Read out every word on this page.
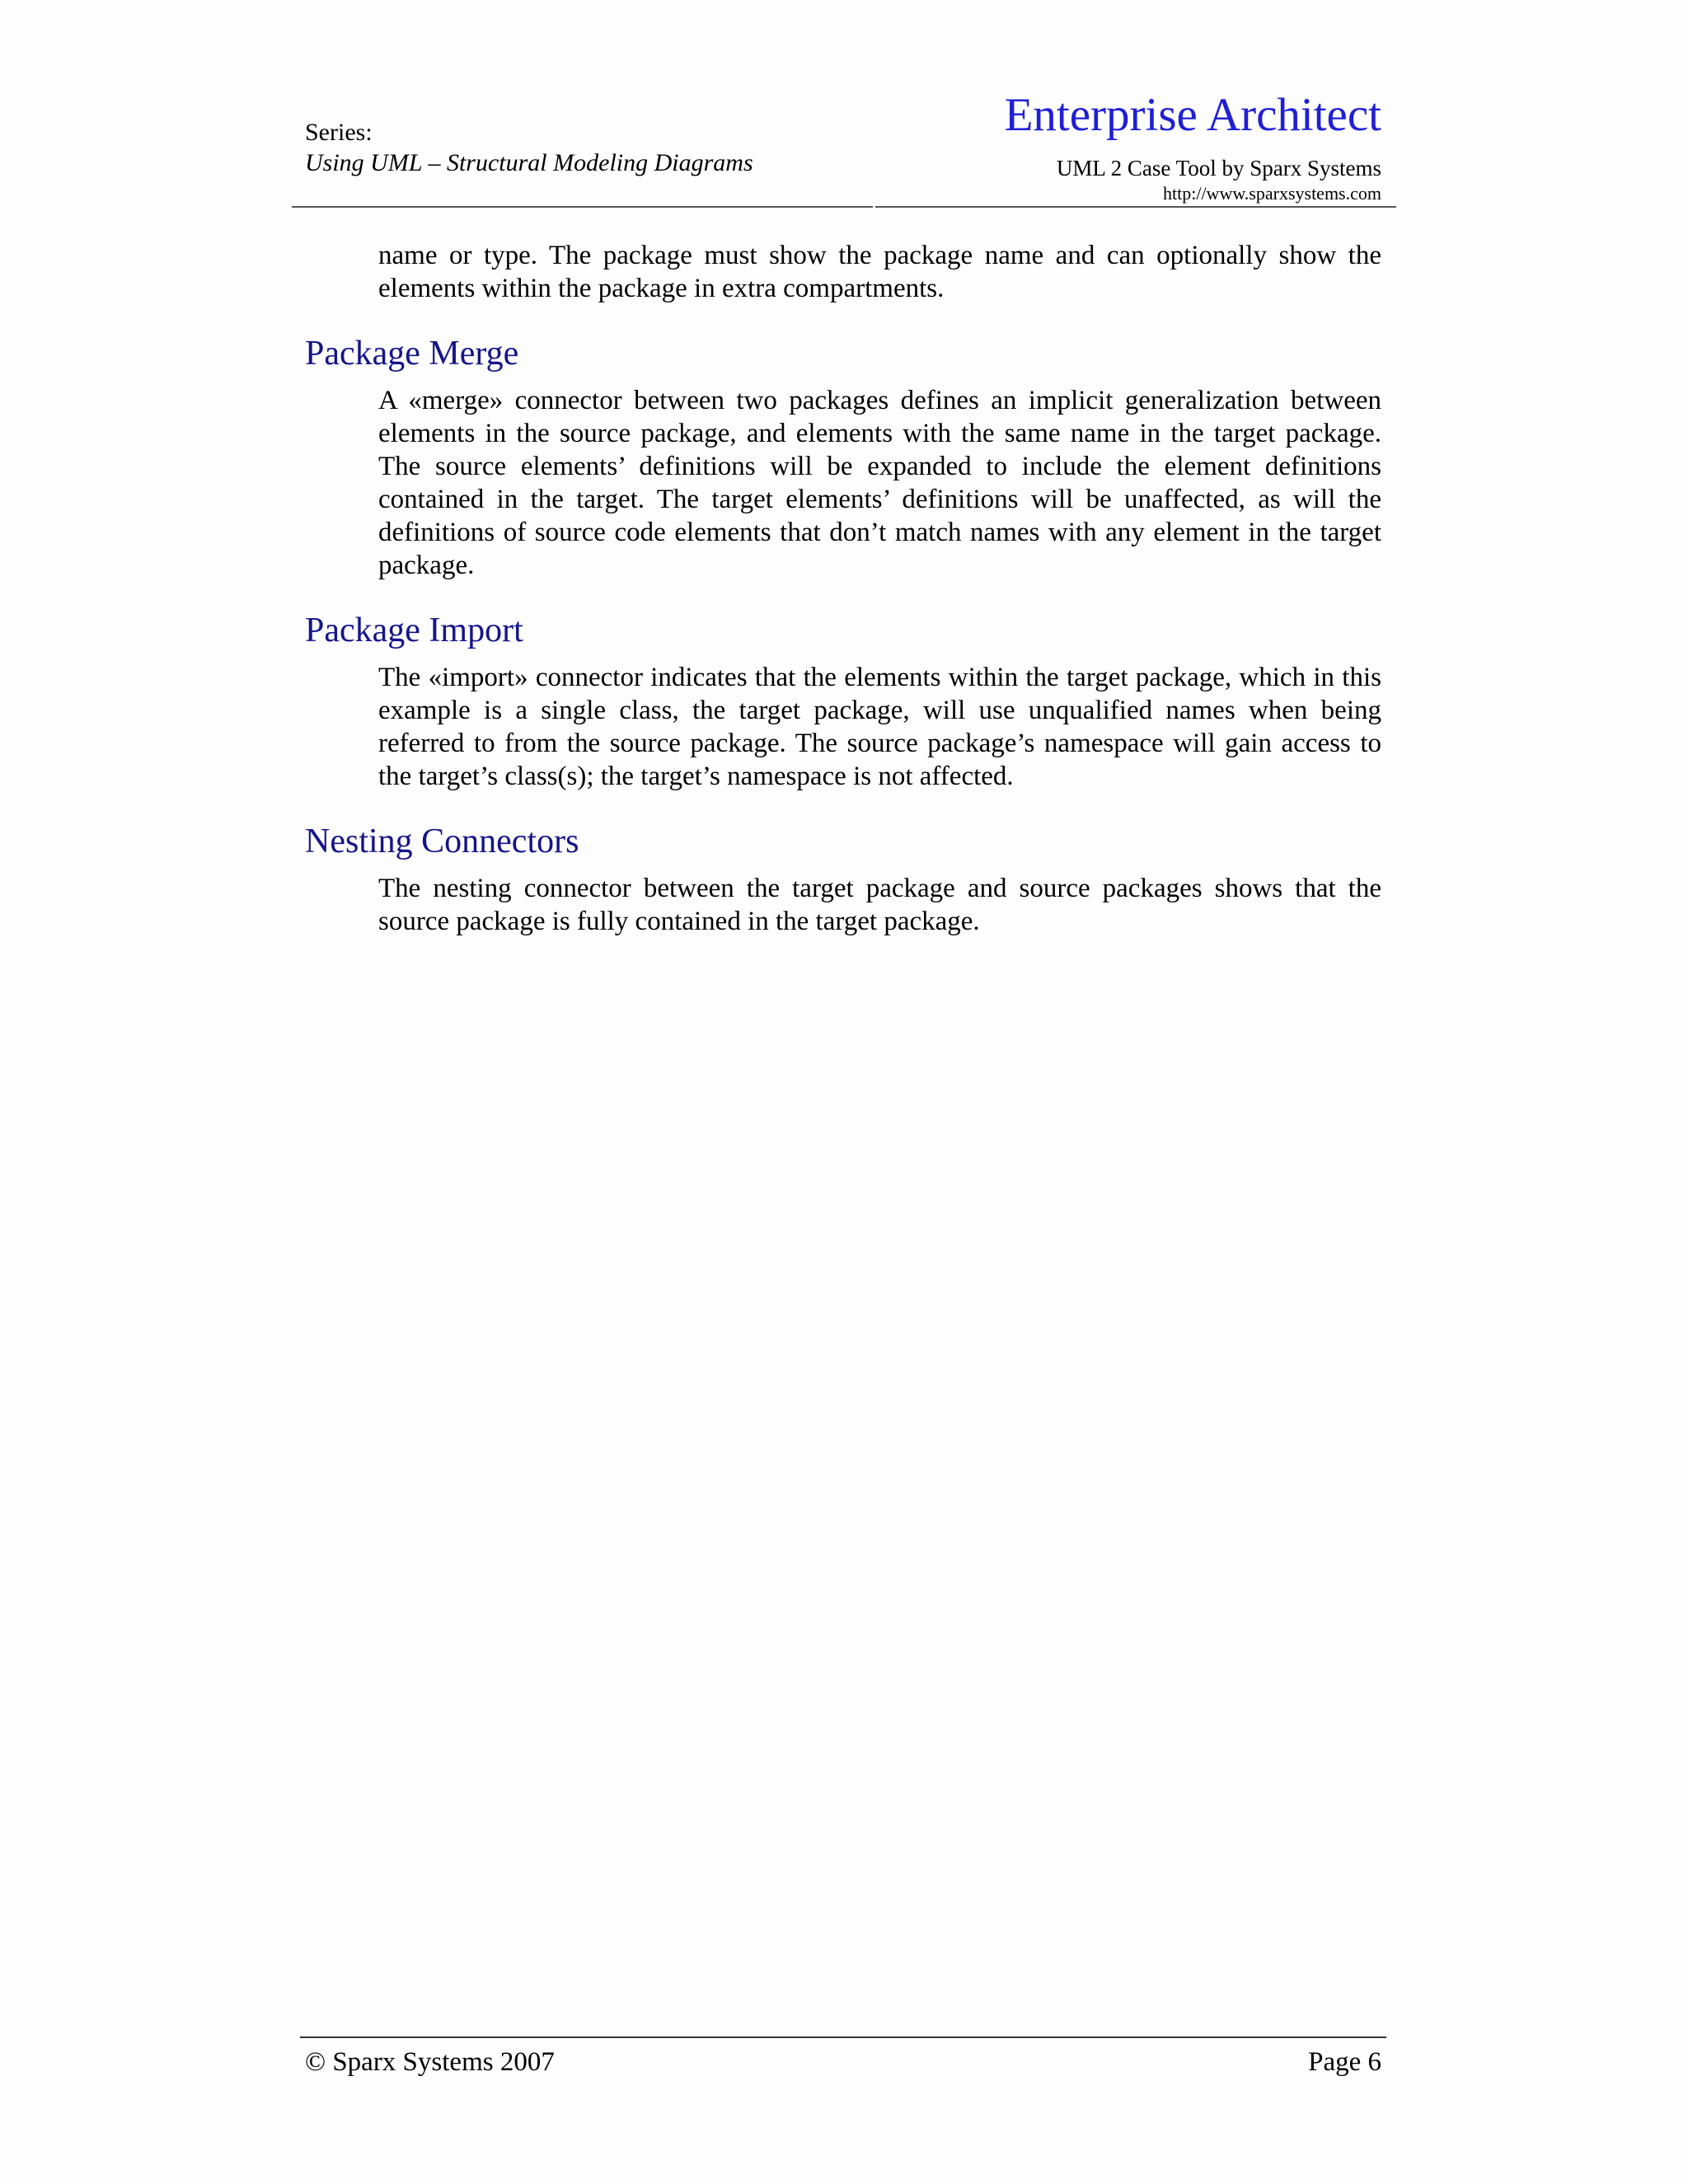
Series:
Using UML – Structural Modeling Diagrams
Enterprise Architect
UML 2 Case Tool by Sparx Systems
http://www.sparxsystems.com

name or type. The package must show the package name and can optionally show the elements within the package in extra compartments.

Package Merge

A «merge» connector between two packages defines an implicit generalization between elements in the source package, and elements with the same name in the target package. The source elements’ definitions will be expanded to include the element definitions contained in the target. The target elements’ definitions will be unaffected, as will the definitions of source code elements that don’t match names with any element in the target package.

Package Import

The «import» connector indicates that the elements within the target package, which in this example is a single class, the target package, will use unqualified names when being referred to from the source package. The source package’s namespace will gain access to the target’s class(s); the target’s namespace is not affected.

Nesting Connectors

The nesting connector between the target package and source packages shows that the source package is fully contained in the target package.

© Sparx Systems 2007	Page 6
